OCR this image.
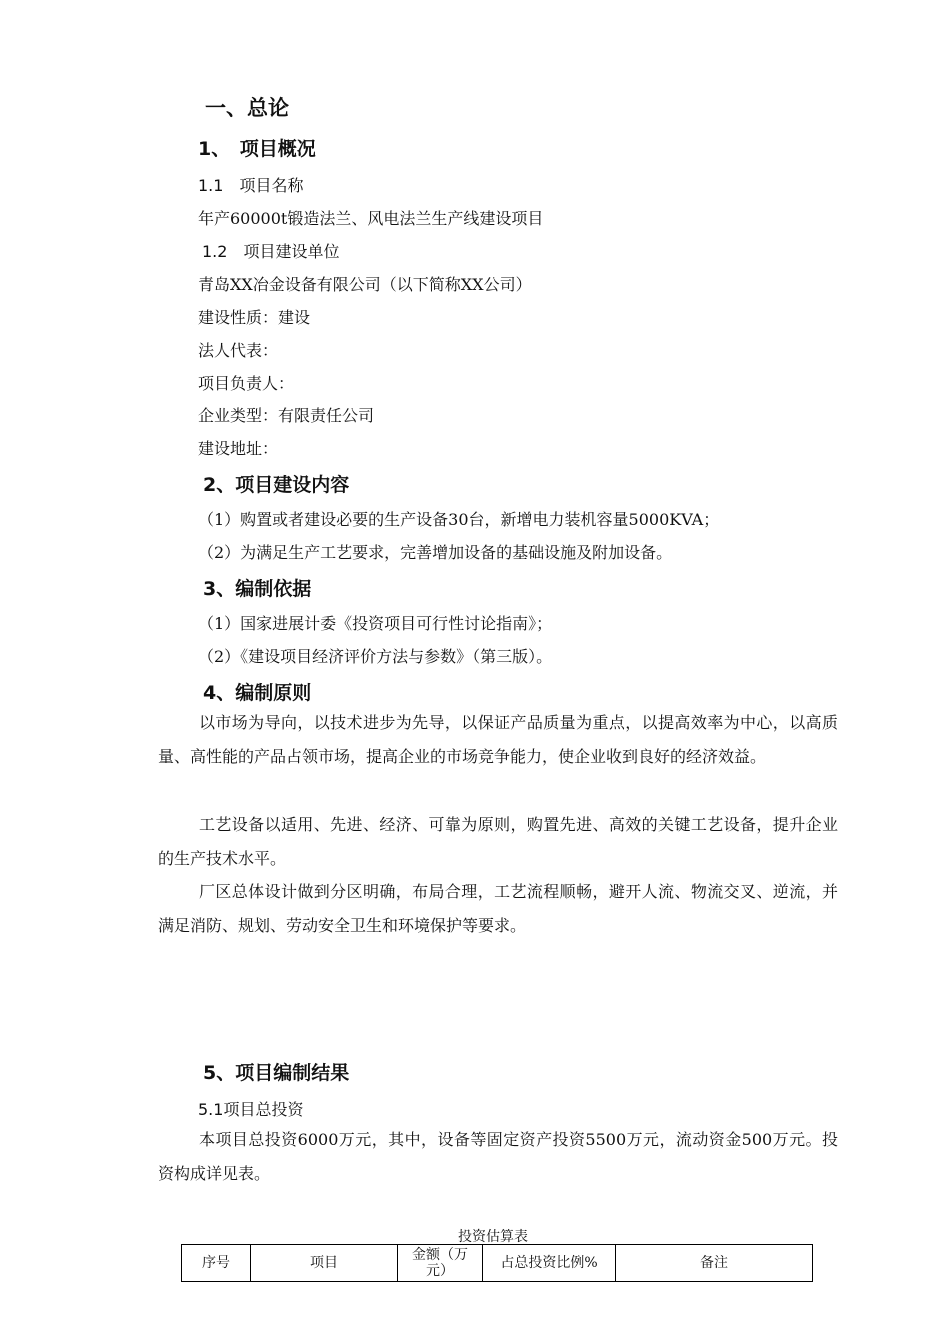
一、总论
1、　项目概况
1.1　项目名称
年产60000t锻造法兰、风电法兰生产线建设项目
1.2　项目建设单位
青岛XX冶金设备有限公司（以下简称XX公司）
建设性质：建设
法人代表：
项目负责人：
企业类型：有限责任公司
建设地址：
2、项目建设内容
（1）购置或者建设必要的生产设备30台，新增电力装机容量5000KVA；
（2）为满足生产工艺要求，完善增加设备的基础设施及附加设备。
3、编制依据
（1）国家进展计委《投资项目可行性讨论指南》；
（2）《建设项目经济评价方法与参数》（第三版）。
4、编制原则
以市场为导向，以技术进步为先导，以保证产品质量为重点，以提高效率为中心，以高质量、高性能的产品占领市场，提高企业的市场竞争能力，使企业收到良好的经济效益。
工艺设备以适用、先进、经济、可靠为原则，购置先进、高效的关键工艺设备，提升企业的生产技术水平。
厂区总体设计做到分区明确，布局合理，工艺流程顺畅，避开人流、物流交叉、逆流，并满足消防、规划、劳动安全卫生和环境保护等要求。
5、项目编制结果
5.1项目总投资
本项目总投资6000万元，其中，设备等固定资产投资5500万元，流动资金500万元。投资构成详见表。
投资估算表
序号	项目	金额（万元）	占总投资比例%	备注
